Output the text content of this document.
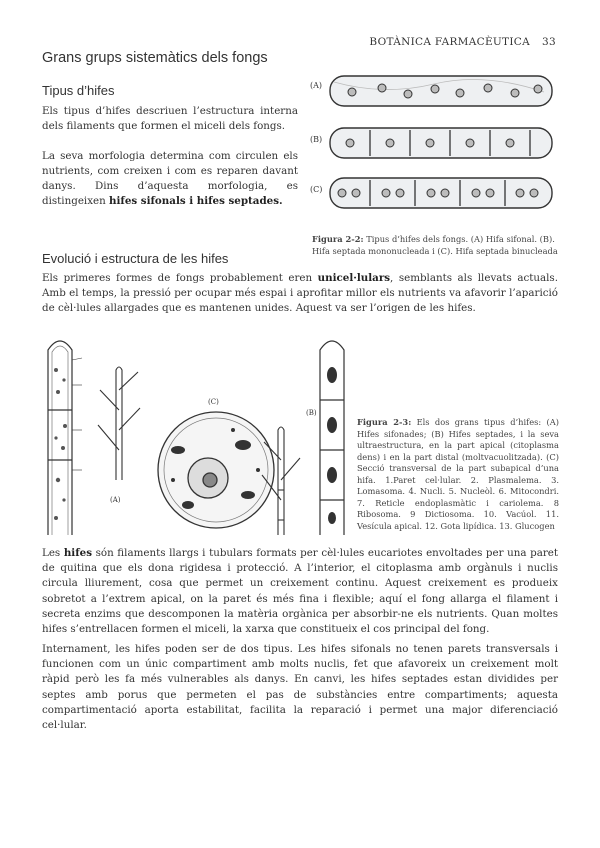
BOTÀNICA FARMACÈUTICA 33
Grans grups sistemàtics dels fongs
Tipus d’hifes
Els tipus d’hifes descriuen l’estructura interna dels filaments que formen el miceli dels fongs.
La seva morfologia determina com circulen els nutrients, com creixen i com es reparen davant danys. Dins d’aquesta morfologia, es distingeixen hifes sifonals i hifes septades.
(A)
(B)
(C)
Figura 2-2: Tipus d’hifes dels fongs. (A) Hifa sifonal. (B). Hifa septada mononucleada i (C). Hifa septada binucleada
Evolució i estructura de les hifes
Els primeres formes de fongs probablement eren unicel·lulars, semblants als llevats actuals. Amb el temps, la pressió per ocupar més espai i aprofitar millor els nutrients va afavorir l’aparició de cèl·lules allargades que es mantenen unides. Aquest va ser l’origen de les hifes.
(A)
(C)
(B)
Figura 2-3: Els dos grans tipus d’hifes: (A) Hifes sifonades; (B) Hifes septades, i la seva ultraestructura, en la part apical (citoplasma dens) i en la part distal (moltvacuolitzada). (C) Secció transversal de la part subapical d’una hifa. 1.Paret cel·lular. 2. Plasmalema. 3. Lomasoma. 4. Nucli. 5. Nucleòl. 6. Mitocondri. 7. Reticle endoplasmàtic i cariolema. 8 Ribosoma. 9 Dictiosoma. 10. Vacúol. 11. Vesícula apical. 12. Gota lipídica. 13. Glucogen
Les hifes són filaments llargs i tubulars formats per cèl·lules eucariotes envoltades per una paret de quitina que els dona rigidesa i protecció. A l’interior, el citoplasma amb orgànuls i nuclis circula lliurement, cosa que permet un creixement continu. Aquest creixement es produeix sobretot a l’extrem apical, on la paret és més fina i flexible; aquí el fong allarga el filament i secreta enzims que descomponen la matèria orgànica per absorbir-ne els nutrients. Quan moltes hifes s’entrellacen formen el miceli, la xarxa que constitueix el cos principal del fong.
Internament, les hifes poden ser de dos tipus. Les hifes sifonals no tenen parets transversals i funcionen com un únic compartiment amb molts nuclis, fet que afavoreix un creixement molt ràpid però les fa més vulnerables als danys. En canvi, les hifes septades estan dividides per septes amb porus que permeten el pas de substàncies entre compartiments; aquesta compartimentació aporta estabilitat, facilita la reparació i permet una major diferenciació cel·lular.
